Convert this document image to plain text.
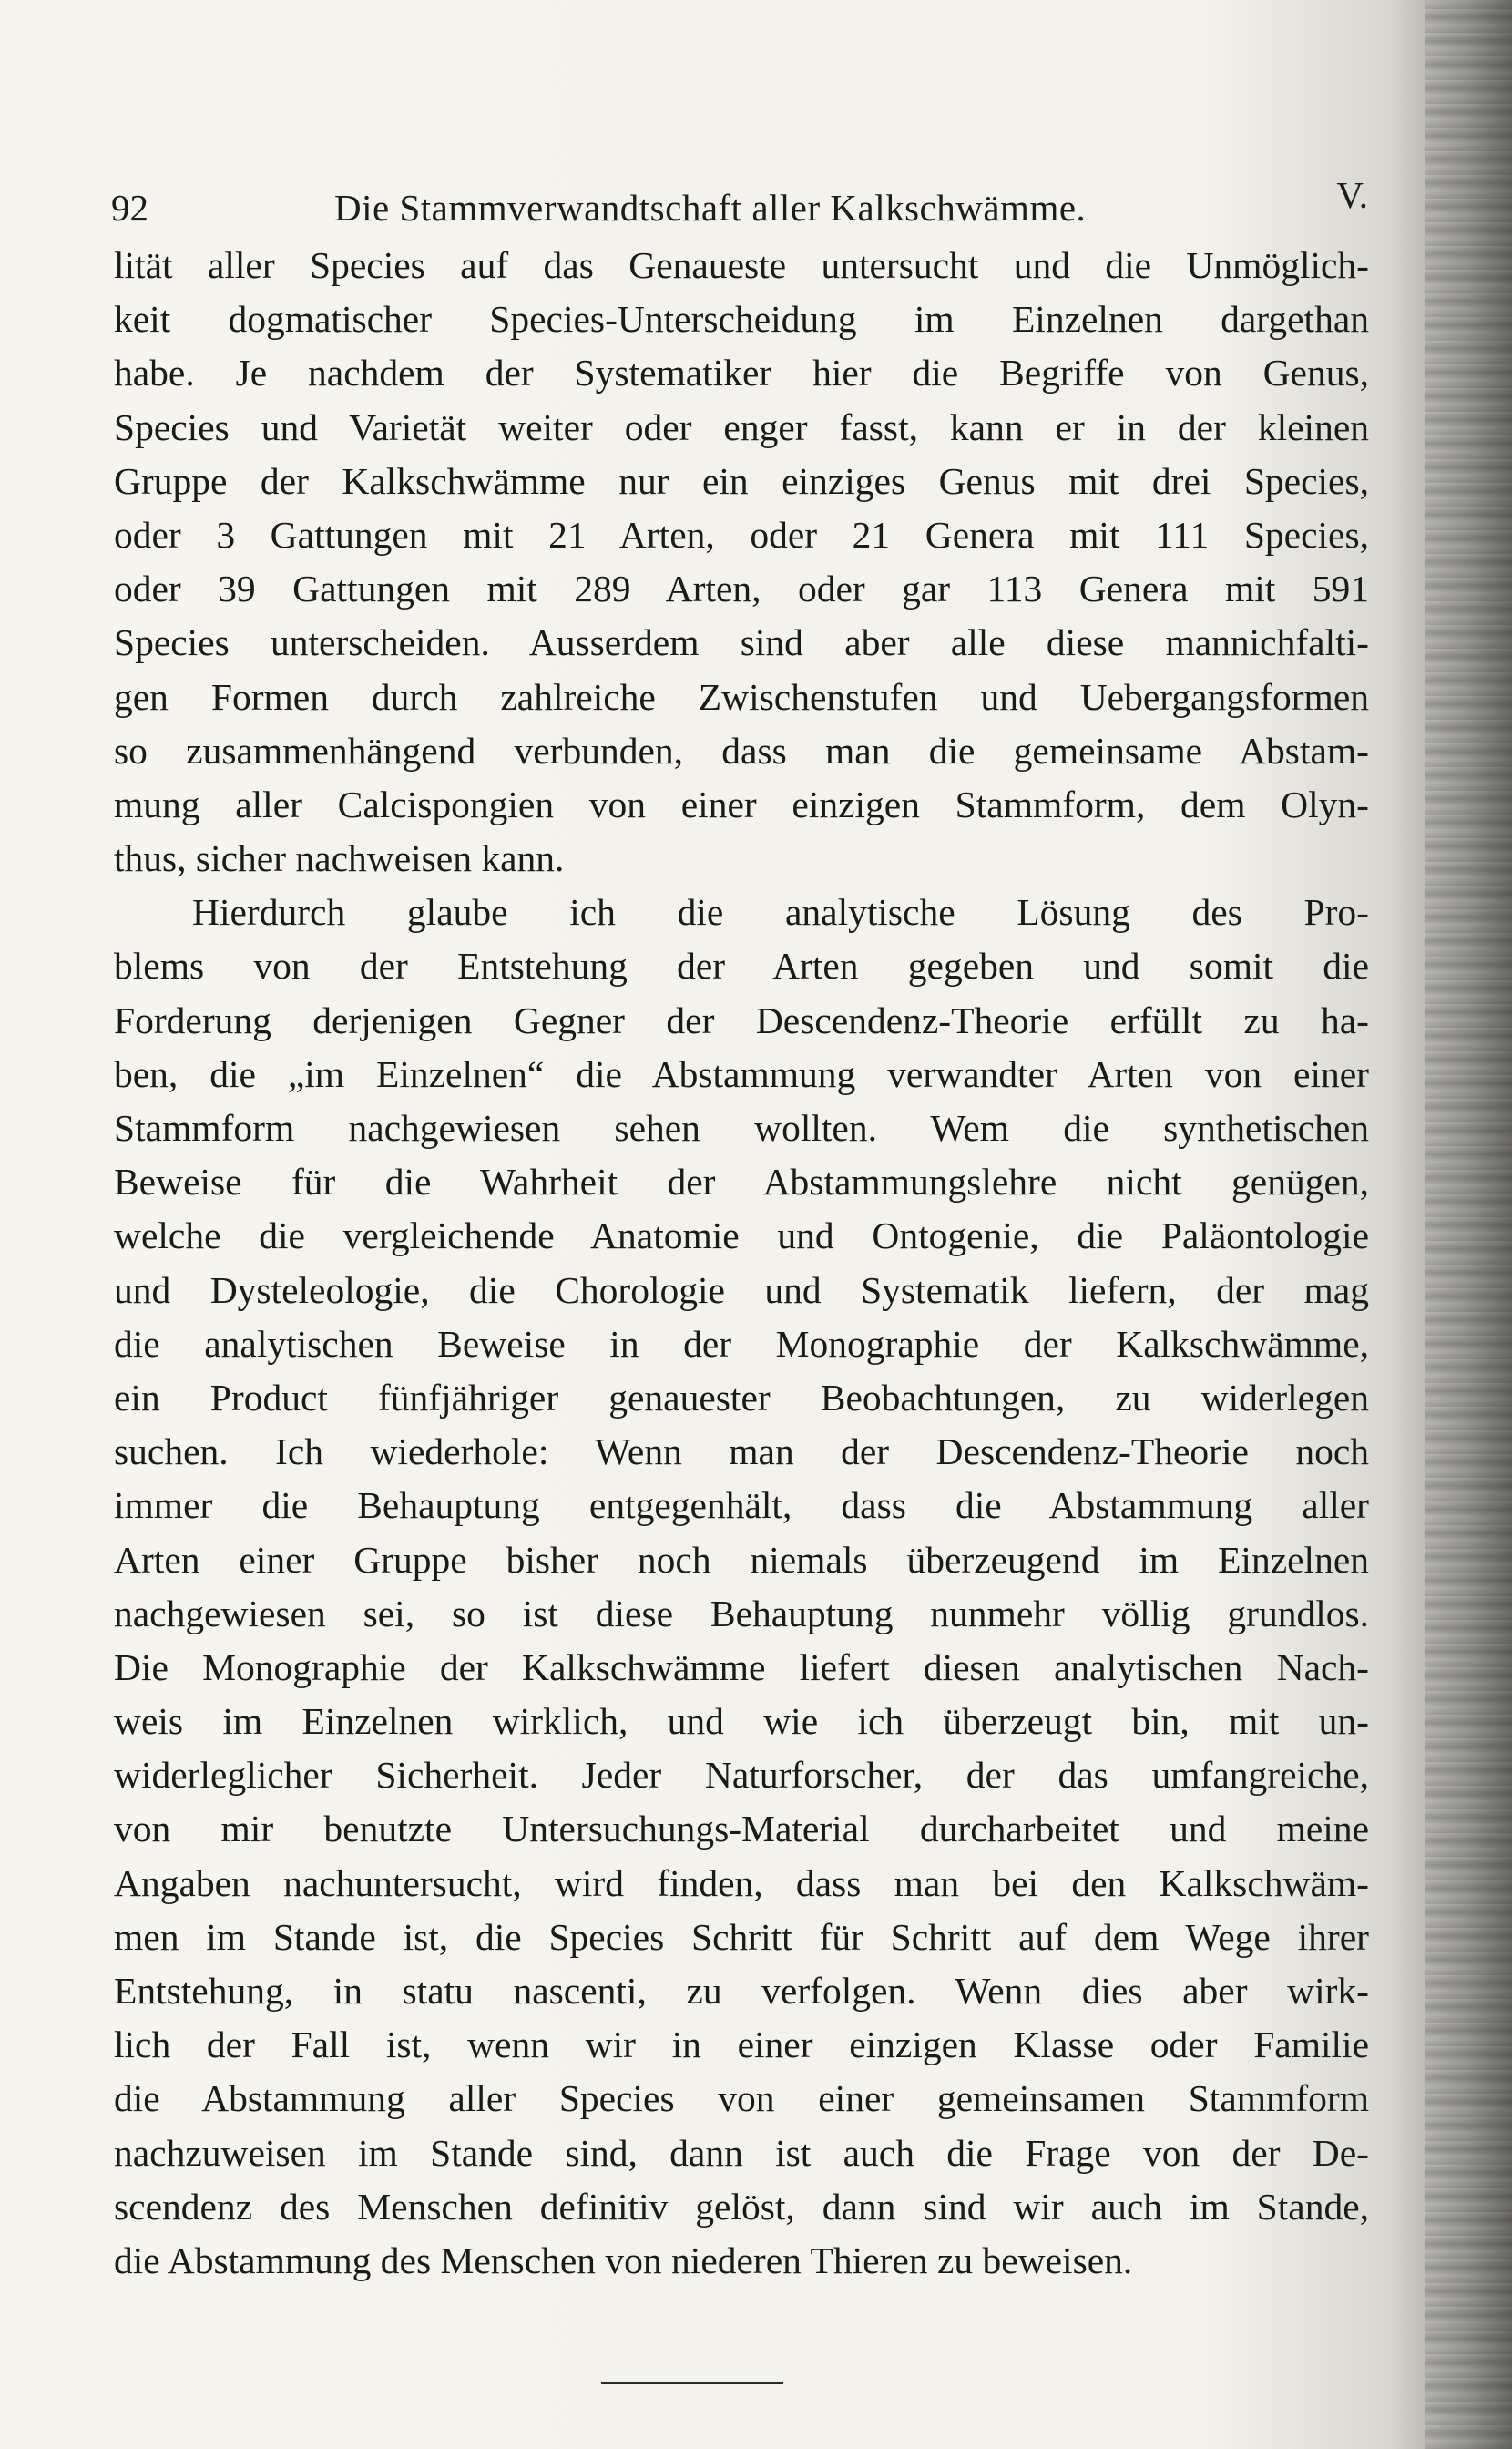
92	Die Stammverwandtschaft aller Kalkschwämme.	V.
lität aller Species auf das Genaueste untersucht und die Unmöglich-
keit dogmatischer Species-Unterscheidung im Einzelnen dargethan
habe. Je nachdem der Systematiker hier die Begriffe von Genus,
Species und Varietät weiter oder enger fasst, kann er in der kleinen
Gruppe der Kalkschwämme nur ein einziges Genus mit drei Species,
oder 3 Gattungen mit 21 Arten, oder 21 Genera mit 111 Species,
oder 39 Gattungen mit 289 Arten, oder gar 113 Genera mit 591
Species unterscheiden. Ausserdem sind aber alle diese mannichfalti-
gen Formen durch zahlreiche Zwischenstufen und Uebergangsformen
so zusammenhängend verbunden, dass man die gemeinsame Abstam-
mung aller Calcispongien von einer einzigen Stammform, dem Olyn-
thus, sicher nachweisen kann.
Hierdurch glaube ich die analytische Lösung des Pro-
blems von der Entstehung der Arten gegeben und somit die
Forderung derjenigen Gegner der Descendenz-Theorie erfüllt zu ha-
ben, die „im Einzelnen“ die Abstammung verwandter Arten von einer
Stammform nachgewiesen sehen wollten. Wem die synthetischen
Beweise für die Wahrheit der Abstammungslehre nicht genügen,
welche die vergleichende Anatomie und Ontogenie, die Paläontologie
und Dysteleologie, die Chorologie und Systematik liefern, der mag
die analytischen Beweise in der Monographie der Kalkschwämme,
ein Product fünfjähriger genauester Beobachtungen, zu widerlegen
suchen. Ich wiederhole: Wenn man der Descendenz-Theorie noch
immer die Behauptung entgegenhält, dass die Abstammung aller
Arten einer Gruppe bisher noch niemals überzeugend im Einzelnen
nachgewiesen sei, so ist diese Behauptung nunmehr völlig grundlos.
Die Monographie der Kalkschwämme liefert diesen analytischen Nach-
weis im Einzelnen wirklich, und wie ich überzeugt bin, mit un-
widerleglicher Sicherheit. Jeder Naturforscher, der das umfangreiche,
von mir benutzte Untersuchungs-Material durcharbeitet und meine
Angaben nachuntersucht, wird finden, dass man bei den Kalkschwäm-
men im Stande ist, die Species Schritt für Schritt auf dem Wege ihrer
Entstehung, in statu nascenti, zu verfolgen. Wenn dies aber wirk-
lich der Fall ist, wenn wir in einer einzigen Klasse oder Familie
die Abstammung aller Species von einer gemeinsamen Stammform
nachzuweisen im Stande sind, dann ist auch die Frage von der De-
scendenz des Menschen definitiv gelöst, dann sind wir auch im Stande,
die Abstammung des Menschen von niederen Thieren zu beweisen.
